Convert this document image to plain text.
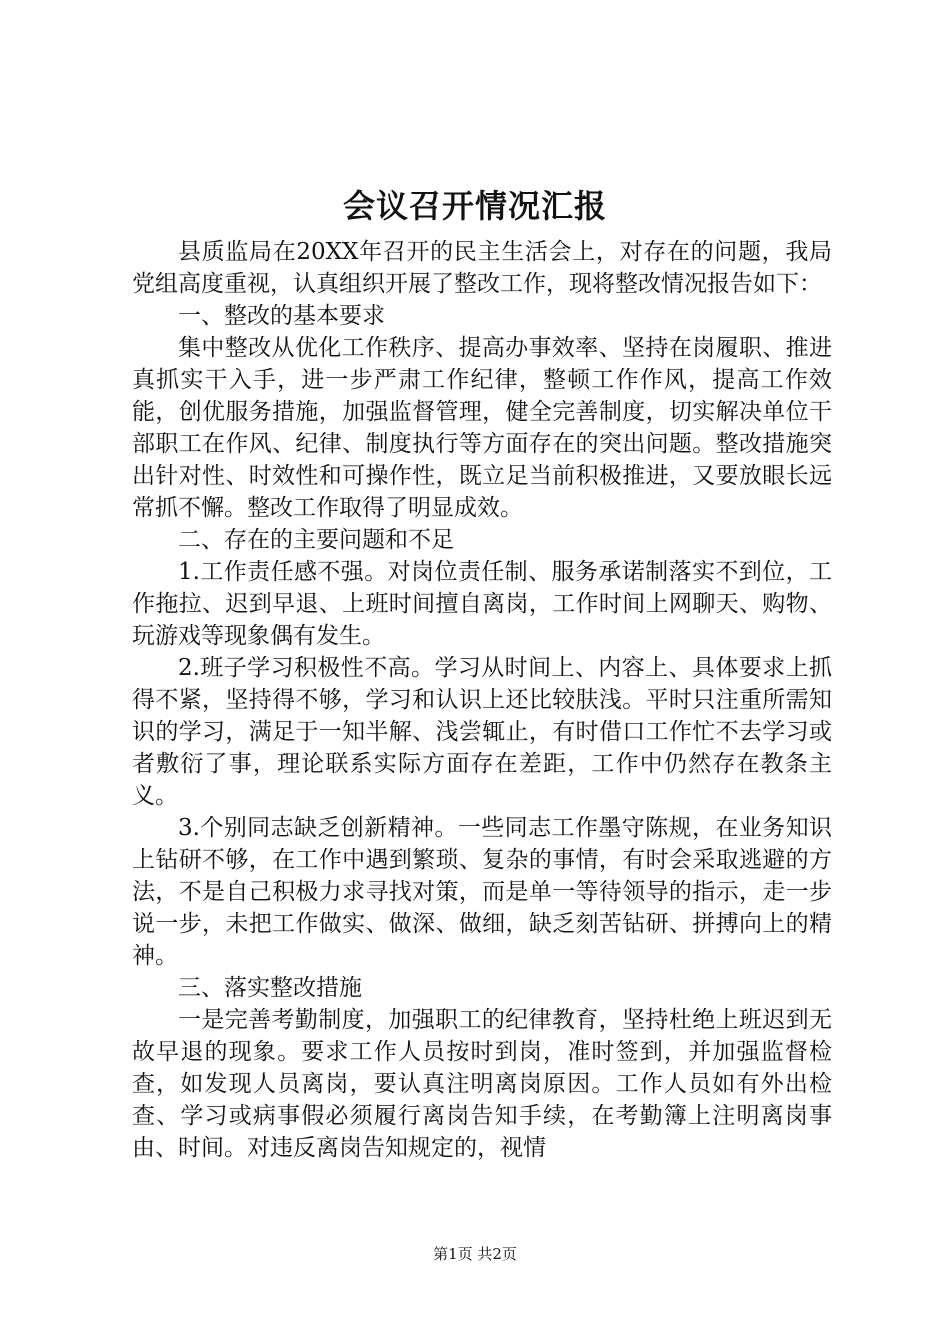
会议召开情况汇报

县质监局在20XX年召开的民主生活会上，对存在的问题，我局党组高度重视，认真组织开展了整改工作，现将整改情况报告如下：

一、整改的基本要求

集中整改从优化工作秩序、提高办事效率、坚持在岗履职、推进真抓实干入手，进一步严肃工作纪律，整顿工作作风，提高工作效能，创优服务措施，加强监督管理，健全完善制度，切实解决单位干部职工在作风、纪律、制度执行等方面存在的突出问题。整改措施突出针对性、时效性和可操作性，既立足当前积极推进，又要放眼长远常抓不懈。整改工作取得了明显成效。

二、存在的主要问题和不足

1.工作责任感不强。对岗位责任制、服务承诺制落实不到位，工作拖拉、迟到早退、上班时间擅自离岗，工作时间上网聊天、购物、玩游戏等现象偶有发生。

2.班子学习积极性不高。学习从时间上、内容上、具体要求上抓得不紧，坚持得不够，学习和认识上还比较肤浅。平时只注重所需知识的学习，满足于一知半解、浅尝辄止，有时借口工作忙不去学习或者敷衍了事，理论联系实际方面存在差距，工作中仍然存在教条主义。

3.个别同志缺乏创新精神。一些同志工作墨守陈规，在业务知识上钻研不够，在工作中遇到繁琐、复杂的事情，有时会采取逃避的方法，不是自己积极力求寻找对策，而是单一等待领导的指示，走一步说一步，未把工作做实、做深、做细，缺乏刻苦钻研、拼搏向上的精神。

三、落实整改措施

一是完善考勤制度，加强职工的纪律教育，坚持杜绝上班迟到无故早退的现象。要求工作人员按时到岗，准时签到，并加强监督检查，如发现人员离岗，要认真注明离岗原因。工作人员如有外出检查、学习或病事假必须履行离岗告知手续，在考勤簿上注明离岗事由、时间。对违反离岗告知规定的，视情

第1页 共2页
